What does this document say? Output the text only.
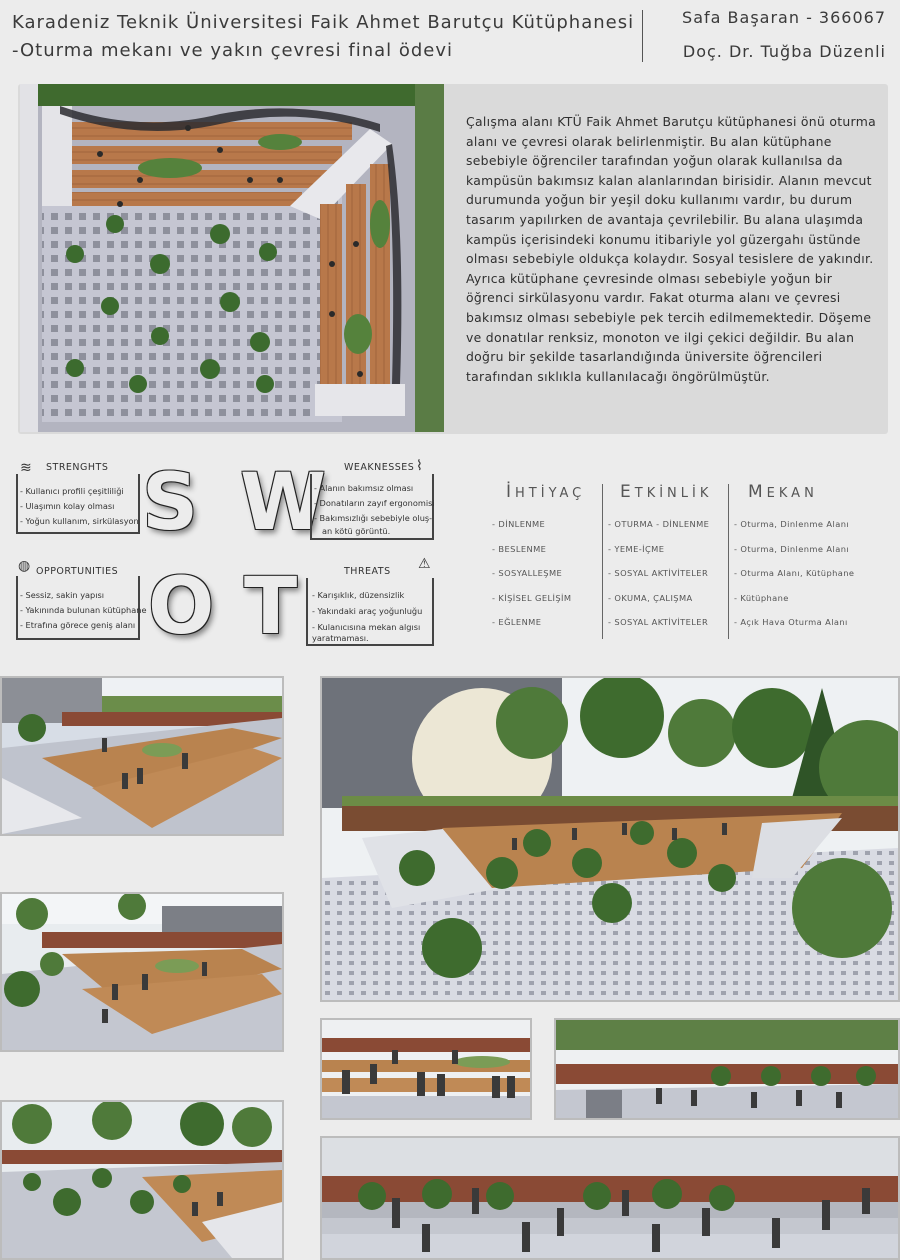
Karadeniz Teknik Üniversitesi Faik Ahmet Barutçu Kütüphanesi
-Oturma mekanı ve yakın çevresi final ödevi
Safa Başaran - 366067
Doç. Dr. Tuğba Düzenli
Çalışma alanı KTÜ Faik Ahmet Barutçu kütüphanesi önü oturma alanı ve çevresi olarak belirlenmiştir. Bu alan kütüphane sebebiyle öğrenciler tarafından yoğun olarak kullanılsa da kampüsün bakımsız kalan alanlarından birisidir. Alanın mevcut durumunda yoğun bir yeşil doku kullanımı vardır, bu durum tasarım yapılırken de avantaja çevrilebilir. Bu alana ulaşımda kampüs içerisindeki konumu itibariyle yol güzergahı üstünde olması sebebiyle oldukça kolaydır. Sosyal tesislere de yakındır. Ayrıca kütüphane çevresinde olması sebebiyle yoğun bir öğrenci sirkülasyonu vardır. Fakat oturma alanı ve çevresi bakımsız olması sebebiyle pek tercih edilmemektedir. Döşeme ve donatılar renksiz, monoton ve ilgi çekici değildir. Bu alan doğru bir şekilde tasarlandığında üniversite öğrencileri tarafından sıklıkla kullanılacağı öngörülmüştür.
≋ STRENGHTS
- Kullanıcı profili çeşitliliği
- Ulaşımın kolay olması
- Yoğun kullanım, sirkülasyon S W WEAKNESSES ⌇
- Alanın bakımsız olması
- Donatıların zayıf ergonomisi
- Bakımsızlığı sebebiyle oluş-
an kötü görüntü.
◍ OPPORTUNITIES
- Sessiz, sakin yapısı
- Yakınında bulunan kütüphane
- Etrafına görece geniş alanı O T	THREATS ⚠
- Karışıklık, düzensizlik
- Yakındaki araç yoğunluğu
- Kulanıcısına mekan algısı
yaratmaması.
İHTİYAÇ
- DİNLENME
- BESLENME
- SOSYALLEŞME
- KİŞİSEL GELİŞİM
- EĞLENME
ETKİNLİK
- OTURMA - DİNLENME
- YEME-İÇME
- SOSYAL AKTİVİTELER
- OKUMA, ÇALIŞMA
- SOSYAL AKTİVİTELER
MEKAN
- Oturma, Dinlenme Alanı
- Oturma, Dinlenme Alanı
- Oturma Alanı, Kütüphane
- Kütüphane
- Açık Hava Oturma Alanı
